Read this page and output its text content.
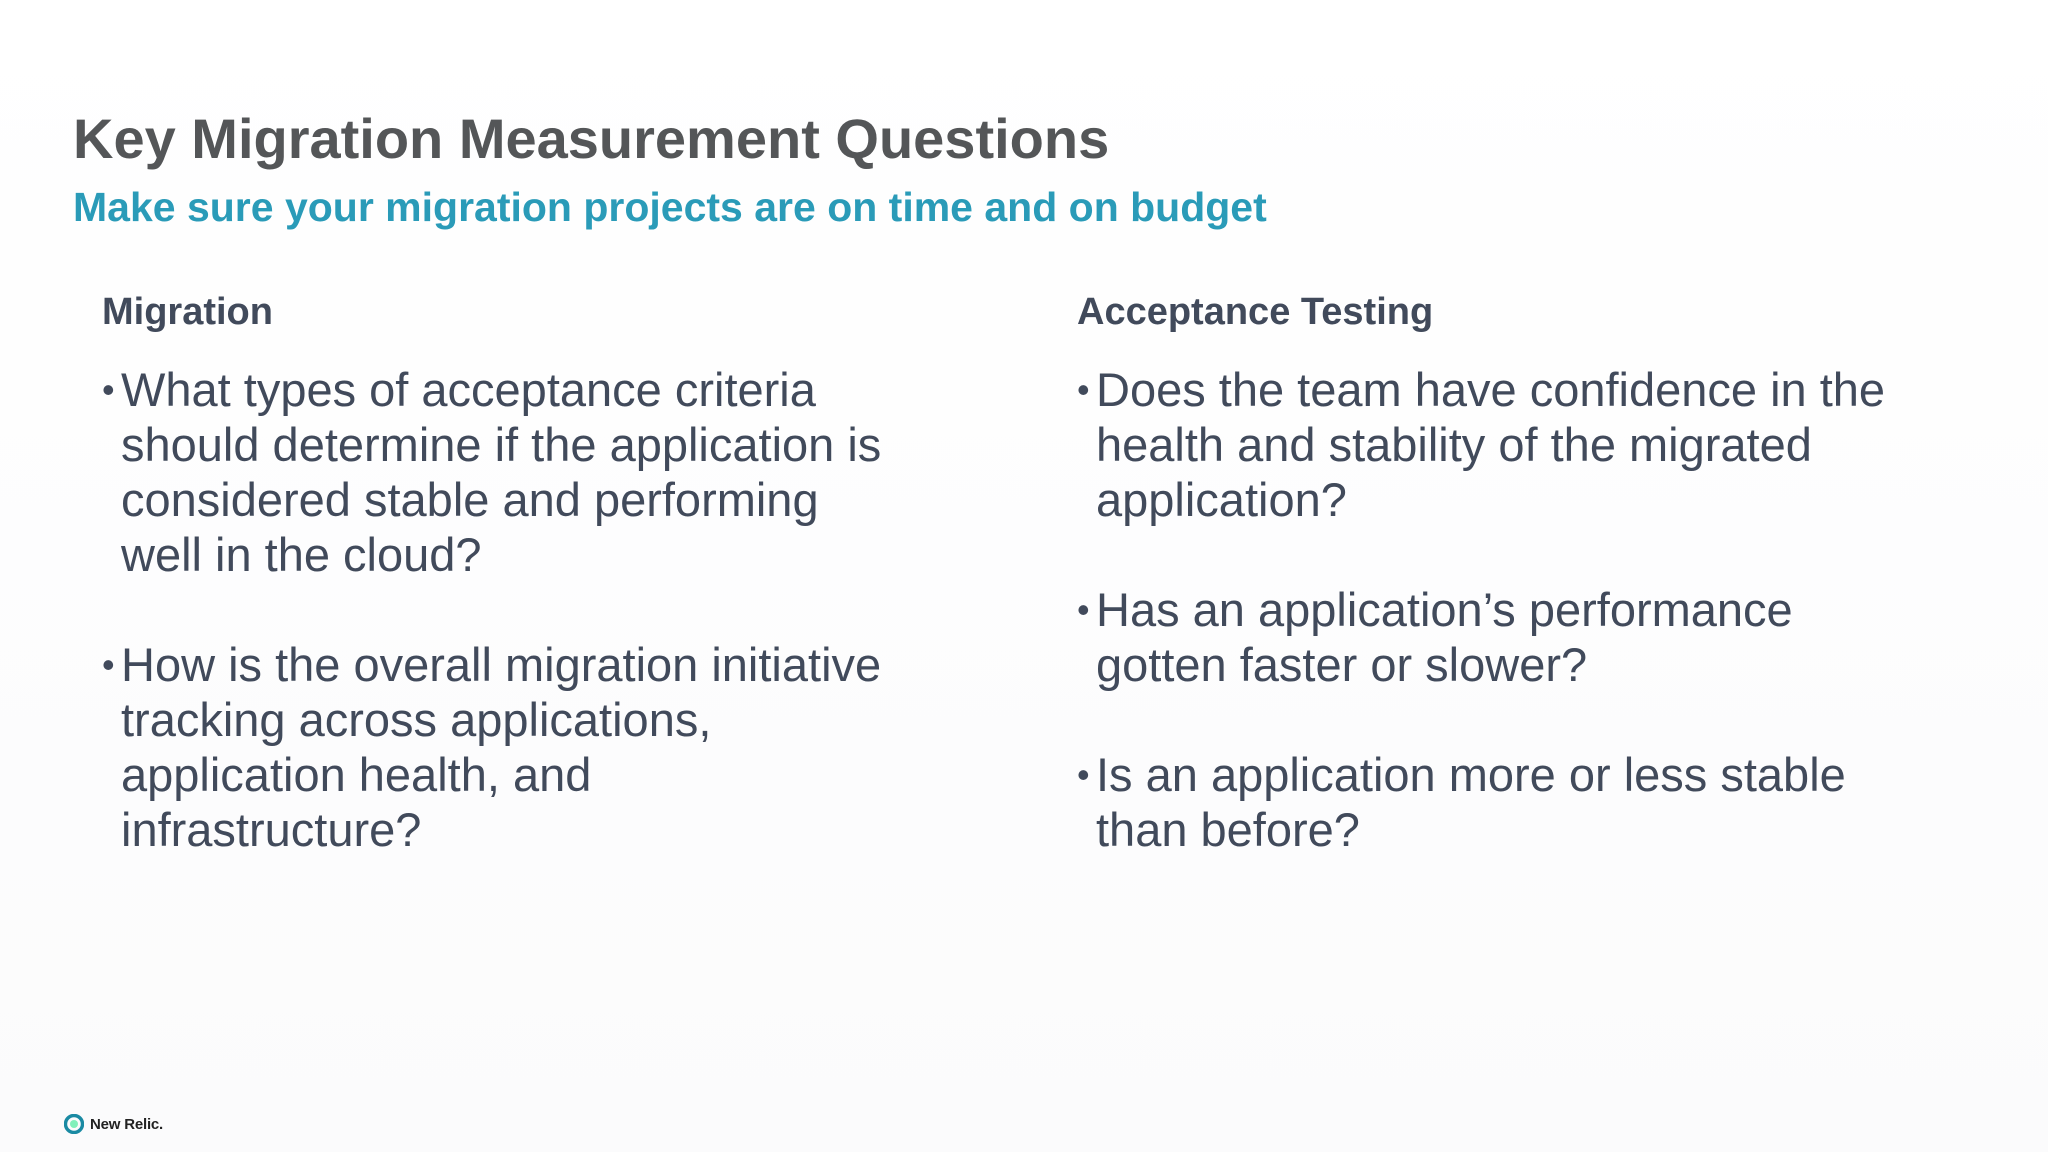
Key Migration Measurement Questions
Make sure your migration projects are on time and on budget
Migration
• What types of acceptance criteria should determine if the application is considered stable and performing well in the cloud?
• How is the overall migration initiative tracking across applications, application health, and infrastructure?
Acceptance Testing
• Does the team have confidence in the health and stability of the migrated application?
• Has an application’s performance gotten faster or slower?
• Is an application more or less stable than before?
New Relic.
